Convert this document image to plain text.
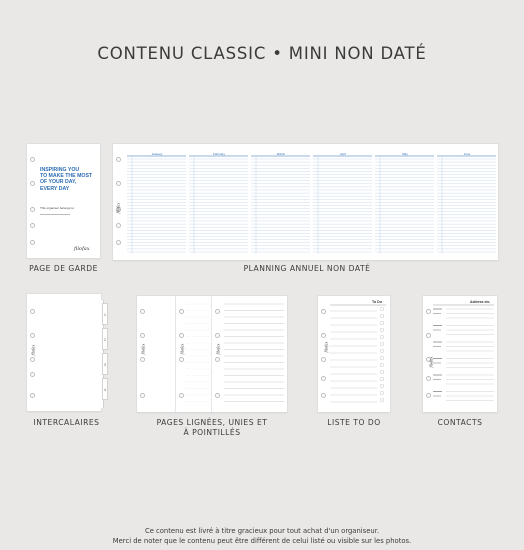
CONTENU CLASSIC • MINI NON DATÉ
INSPIRING YOU
TO MAKE THE MOST
OF YOUR DAY,
EVERY DAY
This organiser belongs to:
filofax
PAGE DE GARDE
filofax
January	February	March	April	May	June
PLANNING ANNUEL NON DATÉ
1
2
3
4
filofax
INTERCALAIRES
filofax	filofax	filofax
PAGES LIGNÉES, UNIES ET
À POINTILLÉS
To Do
filofax
LISTE TO DO
Address etc.
filofax
CONTACTS
Ce contenu est livré à titre gracieux pour tout achat d'un organiseur.
Merci de noter que le contenu peut être différent de celui listé ou visible sur les photos.
